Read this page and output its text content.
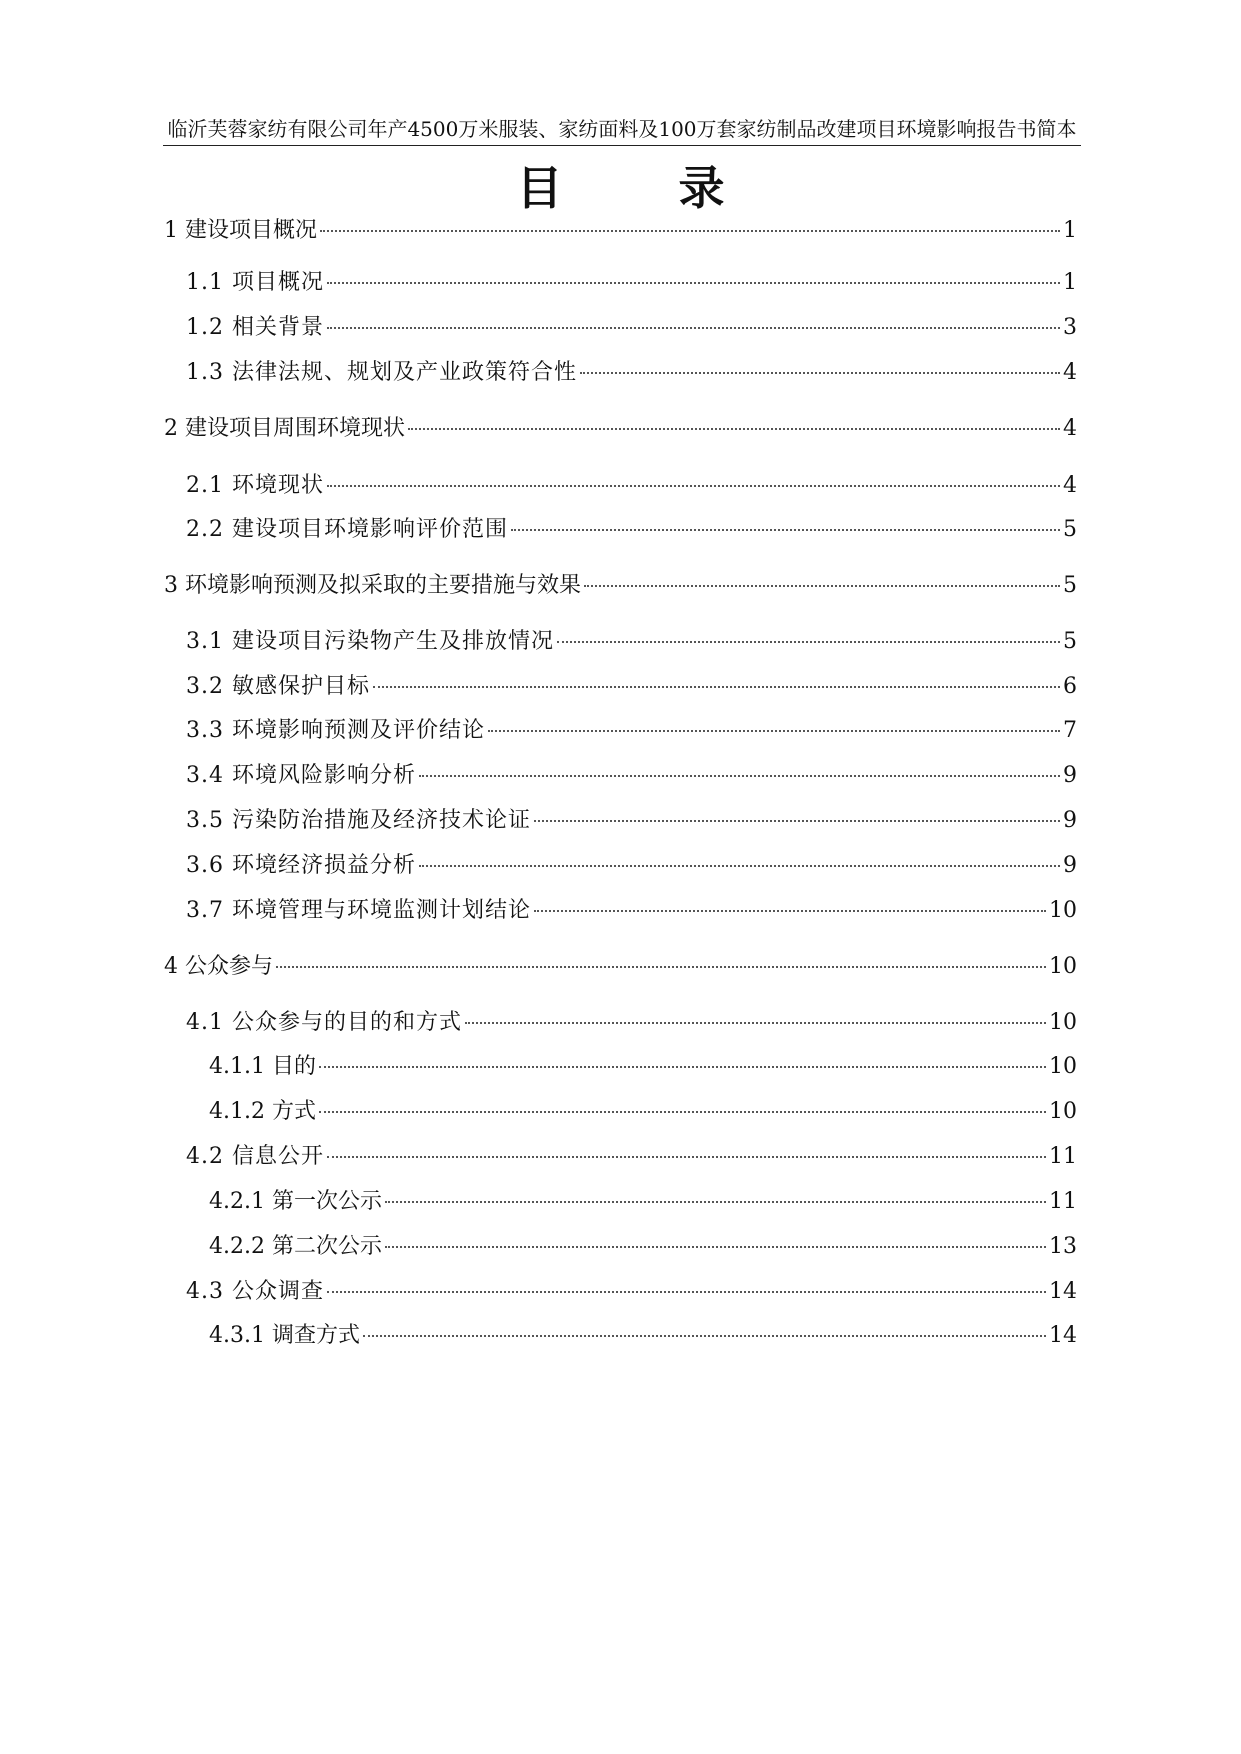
临沂芙蓉家纺有限公司年产4500万米服装、家纺面料及100万套家纺制品改建项目环境影响报告书简本
目 录
1 建设项目概况	1
1.1 项目概况	1
1.2 相关背景	3
1.3 法律法规、规划及产业政策符合性	4
2 建设项目周围环境现状	4
2.1 环境现状	4
2.2 建设项目环境影响评价范围	5
3 环境影响预测及拟采取的主要措施与效果	5
3.1 建设项目污染物产生及排放情况	5
3.2 敏感保护目标	6
3.3 环境影响预测及评价结论	7
3.4 环境风险影响分析	9
3.5 污染防治措施及经济技术论证	9
3.6 环境经济损益分析	9
3.7 环境管理与环境监测计划结论	10
4 公众参与	10
4.1 公众参与的目的和方式	10
4.1.1 目的	10
4.1.2 方式	10
4.2 信息公开	11
4.2.1 第一次公示	11
4.2.2 第二次公示	13
4.3 公众调查	14
4.3.1 调查方式	14
